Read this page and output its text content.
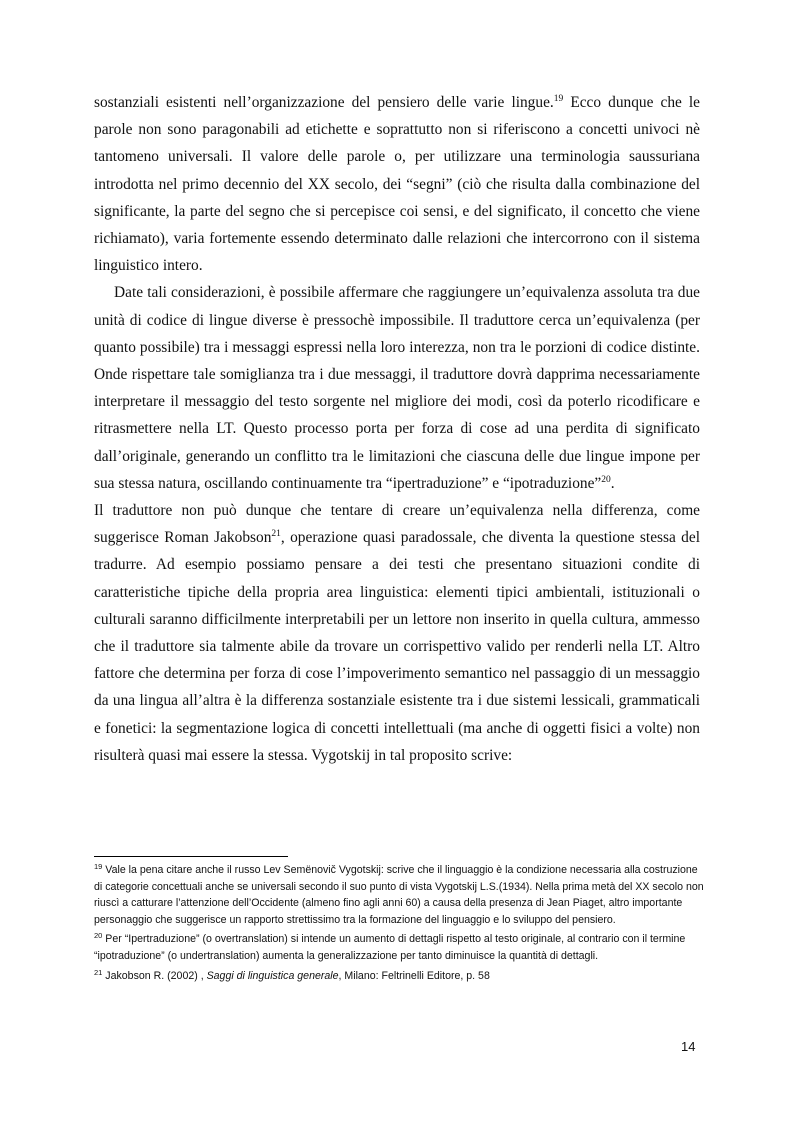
sostanziali esistenti nell’organizzazione del pensiero delle varie lingue.$^{19}$ Ecco dunque che le parole non sono paragonabili ad etichette e soprattutto non si riferiscono a concetti univoci nè tantomeno universali. Il valore delle parole o, per utilizzare una terminologia saussuriana introdotta nel primo decennio del XX secolo, dei “segni” (ciò che risulta dalla combinazione del significante, la parte del segno che si percepisce coi sensi, e del significato, il concetto che viene richiamato), varia fortemente essendo determinato dalle relazioni che intercorrono con il sistema linguistico intero.

Date tali considerazioni, è possibile affermare che raggiungere un’equivalenza assoluta tra due unità di codice di lingue diverse è pressochè impossibile. Il traduttore cerca un’equivalenza (per quanto possibile) tra i messaggi espressi nella loro interezza, non tra le porzioni di codice distinte. Onde rispettare tale somiglianza tra i due messaggi, il traduttore dovrà dapprima necessariamente interpretare il messaggio del testo sorgente nel migliore dei modi, così da poterlo ricodificare e ritrasmettere nella LT. Questo processo porta per forza di cose ad una perdita di significato dall’originale, generando un conflitto tra le limitazioni che ciascuna delle due lingue impone per sua stessa natura, oscillando continuamente tra “ipertraduzione” e “ipotraduzione”$^{20}$.

Il traduttore non può dunque che tentare di creare un’equivalenza nella differenza, come suggerisce Roman Jakobson$^{21}$, operazione quasi paradossale, che diventa la questione stessa del tradurre. Ad esempio possiamo pensare a dei testi che presentano situazioni condite di caratteristiche tipiche della propria area linguistica: elementi tipici ambientali, istituzionali o culturali saranno difficilmente interpretabili per un lettore non inserito in quella cultura, ammesso che il traduttore sia talmente abile da trovare un corrispettivo valido per renderli nella LT. Altro fattore che determina per forza di cose l’impoverimento semantico nel passaggio di un messaggio da una lingua all’altra è la differenza sostanziale esistente tra i due sistemi lessicali, grammaticali e fonetici: la segmentazione logica di concetti intellettuali (ma anche di oggetti fisici a volte) non risulterà quasi mai essere la stessa. Vygotskij in tal proposito scrive:

$^{19}$ Vale la pena citare anche il russo Lev Semënovič Vygotskij: scrive che il linguaggio è la condizione necessaria alla costruzione di categorie concettuali anche se universali secondo il suo punto di vista Vygotskij L.S.(1934). Nella prima metà del XX secolo non riuscì a catturare l’attenzione dell’Occidente (almeno fino agli anni 60) a causa della presenza di Jean Piaget, altro importante personaggio che suggerisce un rapporto strettissimo tra la formazione del linguaggio e lo sviluppo del pensiero.

$^{20}$ Per “Ipertraduzione” (o overtranslation) si intende un aumento di dettagli rispetto al testo originale, al contrario con il termine “ipotraduzione” (o undertranslation) aumenta la generalizzazione per tanto diminuisce la quantità di dettagli.

$^{21}$ Jakobson R. (2002) , Saggi di linguistica generale, Milano: Feltrinelli Editore, p. 58

14
